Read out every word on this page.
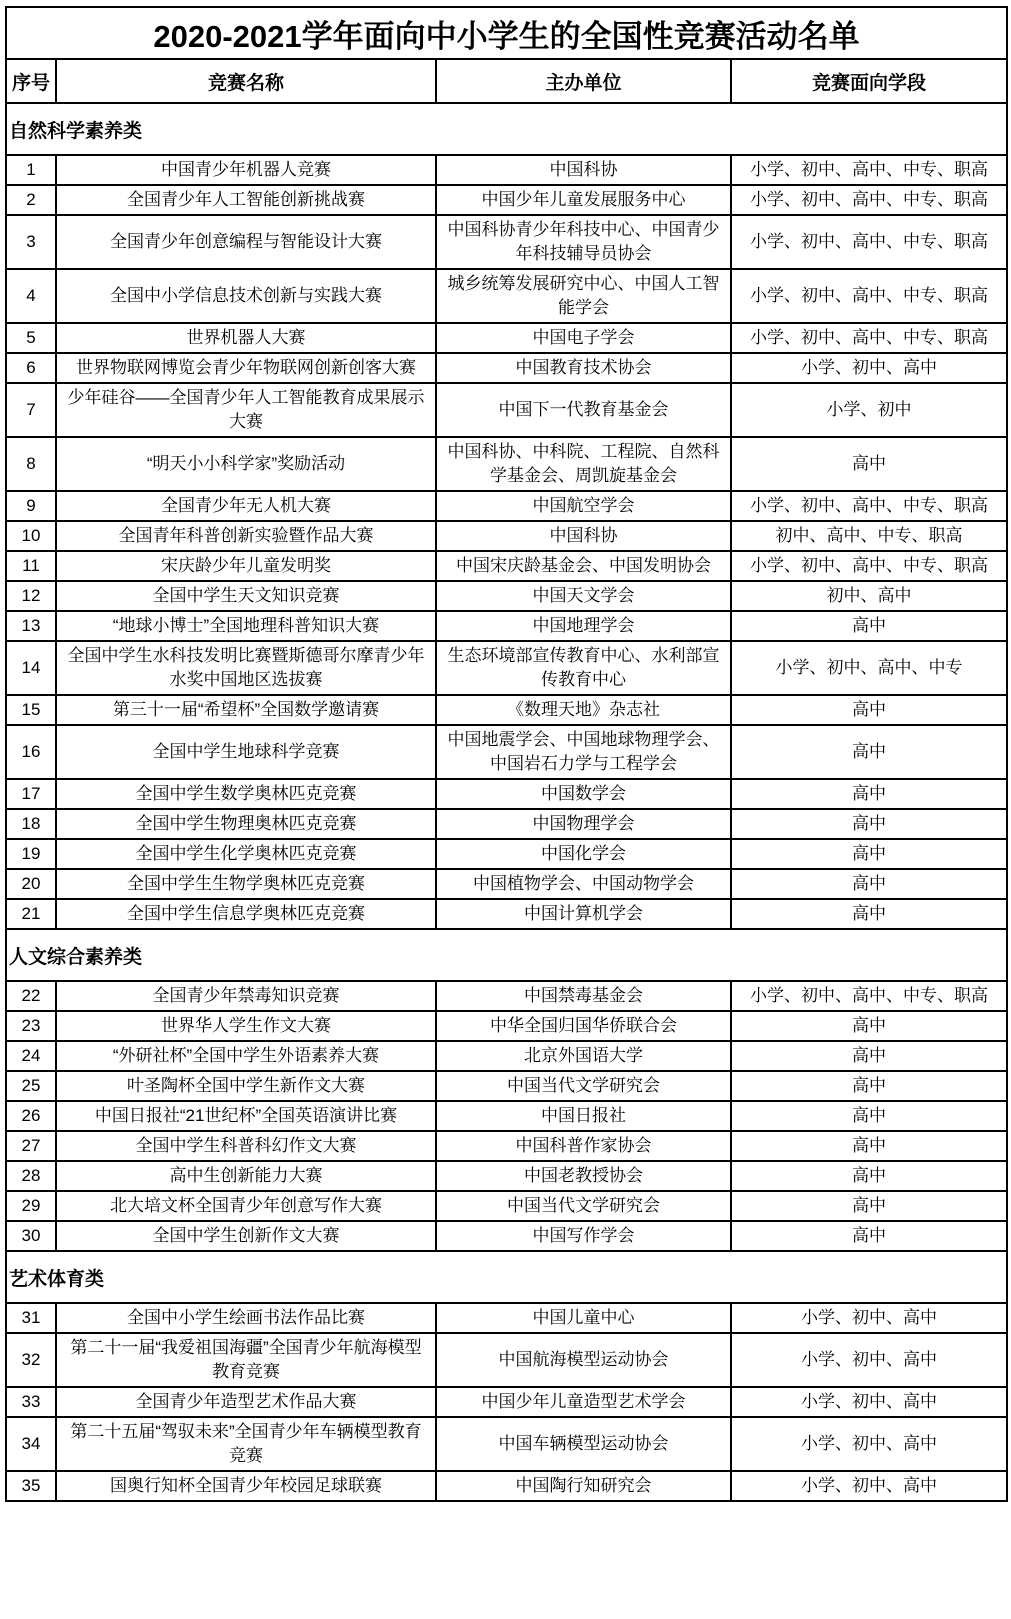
2020-2021学年面向中小学生的全国性竞赛活动名单			
序号	竞赛名称	主办单位	竞赛面向学段
自然科学素养类			
1	中国青少年机器人竞赛	中国科协	小学、初中、高中、中专、职高
2	全国青少年人工智能创新挑战赛	中国少年儿童发展服务中心	小学、初中、高中、中专、职高
3	全国青少年创意编程与智能设计大赛	中国科协青少年科技中心、中国青少年科技辅导员协会	小学、初中、高中、中专、职高
4	全国中小学信息技术创新与实践大赛	城乡统筹发展研究中心、中国人工智能学会	小学、初中、高中、中专、职高
5	世界机器人大赛	中国电子学会	小学、初中、高中、中专、职高
6	世界物联网博览会青少年物联网创新创客大赛	中国教育技术协会	小学、初中、高中
7	少年硅谷——全国青少年人工智能教育成果展示大赛	中国下一代教育基金会	小学、初中
8	“明天小小科学家”奖励活动	中国科协、中科院、工程院、自然科学基金会、周凯旋基金会	高中
9	全国青少年无人机大赛	中国航空学会	小学、初中、高中、中专、职高
10	全国青年科普创新实验暨作品大赛	中国科协	初中、高中、中专、职高
11	宋庆龄少年儿童发明奖	中国宋庆龄基金会、中国发明协会	小学、初中、高中、中专、职高
12	全国中学生天文知识竞赛	中国天文学会	初中、高中
13	“地球小博士”全国地理科普知识大赛	中国地理学会	高中
14	全国中学生水科技发明比赛暨斯德哥尔摩青少年水奖中国地区选拔赛	生态环境部宣传教育中心、水利部宣传教育中心	小学、初中、高中、中专
15	第三十一届“希望杯”全国数学邀请赛	《数理天地》杂志社	高中
16	全国中学生地球科学竞赛	中国地震学会、中国地球物理学会、中国岩石力学与工程学会	高中
17	全国中学生数学奥林匹克竞赛	中国数学会	高中
18	全国中学生物理奥林匹克竞赛	中国物理学会	高中
19	全国中学生化学奥林匹克竞赛	中国化学会	高中
20	全国中学生生物学奥林匹克竞赛	中国植物学会、中国动物学会	高中
21	全国中学生信息学奥林匹克竞赛	中国计算机学会	高中
人文综合素养类			
22	全国青少年禁毒知识竞赛	中国禁毒基金会	小学、初中、高中、中专、职高
23	世界华人学生作文大赛	中华全国归国华侨联合会	高中
24	“外研社杯”全国中学生外语素养大赛	北京外国语大学	高中
25	叶圣陶杯全国中学生新作文大赛	中国当代文学研究会	高中
26	中国日报社“21世纪杯”全国英语演讲比赛	中国日报社	高中
27	全国中学生科普科幻作文大赛	中国科普作家协会	高中
28	高中生创新能力大赛	中国老教授协会	高中
29	北大培文杯全国青少年创意写作大赛	中国当代文学研究会	高中
30	全国中学生创新作文大赛	中国写作学会	高中
艺术体育类			
31	全国中小学生绘画书法作品比赛	中国儿童中心	小学、初中、高中
32	第二十一届“我爱祖国海疆”全国青少年航海模型教育竞赛	中国航海模型运动协会	小学、初中、高中
33	全国青少年造型艺术作品大赛	中国少年儿童造型艺术学会	小学、初中、高中
34	第二十五届“驾驭未来”全国青少年车辆模型教育竞赛	中国车辆模型运动协会	小学、初中、高中
35	国奥行知杯全国青少年校园足球联赛	中国陶行知研究会	小学、初中、高中
